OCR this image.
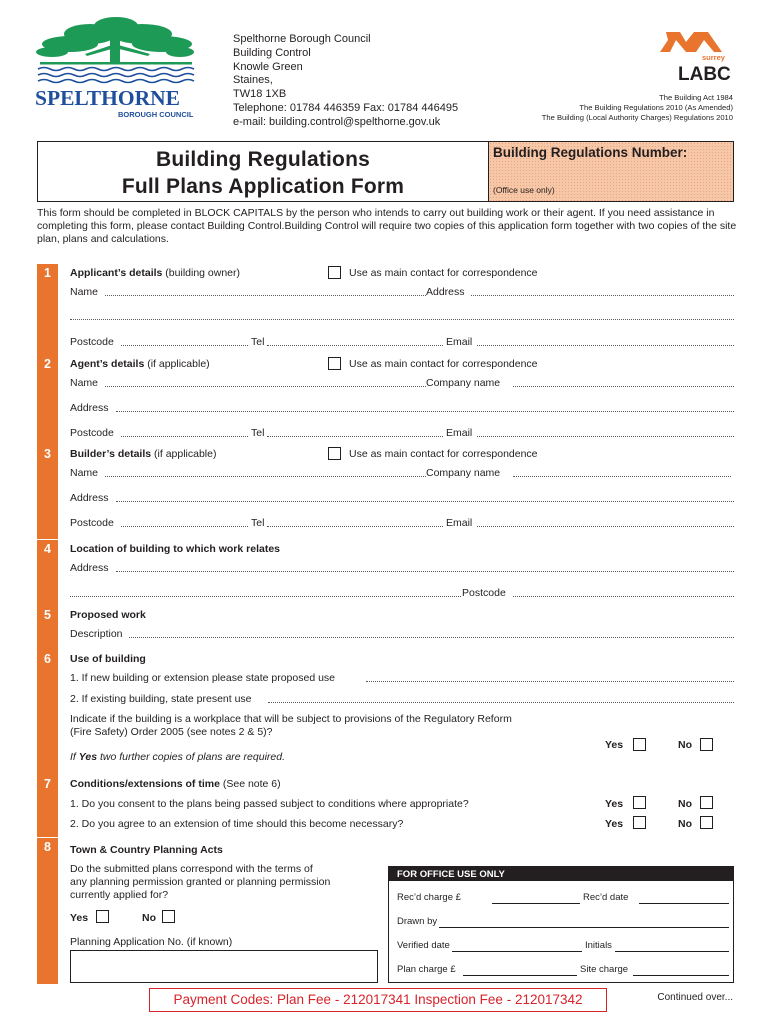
SPELTHORNE
BOROUGH COUNCIL
Spelthorne Borough Council
Building Control
Knowle Green
Staines,
TW18 1XB
Telephone: 01784 446359 Fax: 01784 446495
e-mail: building.control@spelthorne.gov.uk
surrey
LABC
The Building Act 1984
The Building Regulations 2010 (As Amended)
The Building (Local Authority Charges) Regulations 2010
Building Regulations
Full Plans Application Form
Building Regulations Number:
(Office use only)
This form should be completed in BLOCK CAPITALS by the person who intends to carry out building work or their agent. If you need assistance in completing this form, please contact Building Control.Building Control will require two copies of this application form together with two copies of the site plan, plans and calculations.
1	Applicant’s details (building owner)	Use as main contact for correspondence
Name	Address
Postcode	Tel	Email
2	Agent’s details (if applicable)	Use as main contact for correspondence
Name	Company name
Address
Postcode	Tel	Email
3	Builder’s details (if applicable)	Use as main contact for correspondence
Name	Company name
Address
Postcode	Tel	Email
4	Location of building to which work relates
Address
Postcode
5	Proposed work
Description
6	Use of building
1. If new building or extension please state proposed use
2. If existing building, state present use
Indicate if the building is a workplace that will be subject to provisions of the Regulatory Reform
(Fire Safety) Order 2005 (see notes 2 & 5)?
Yes	No
If Yes two further copies of plans are required.
7	Conditions/extensions of time (See note 6)
1. Do you consent to the plans being passed subject to conditions where appropriate?	Yes	No
2. Do you agree to an extension of time should this become necessary?	Yes	No
8	Town & Country Planning Acts
Do the submitted plans correspond with the terms of
any planning permission granted or planning permission
currently applied for?
Yes	No
Planning Application No. (if known)
FOR OFFICE USE ONLY
Rec’d charge £	Rec’d date
Drawn by
Verified date	Initials
Plan charge £	Site charge
Payment Codes: Plan Fee - 212017341 Inspection Fee - 212017342	Continued over...
